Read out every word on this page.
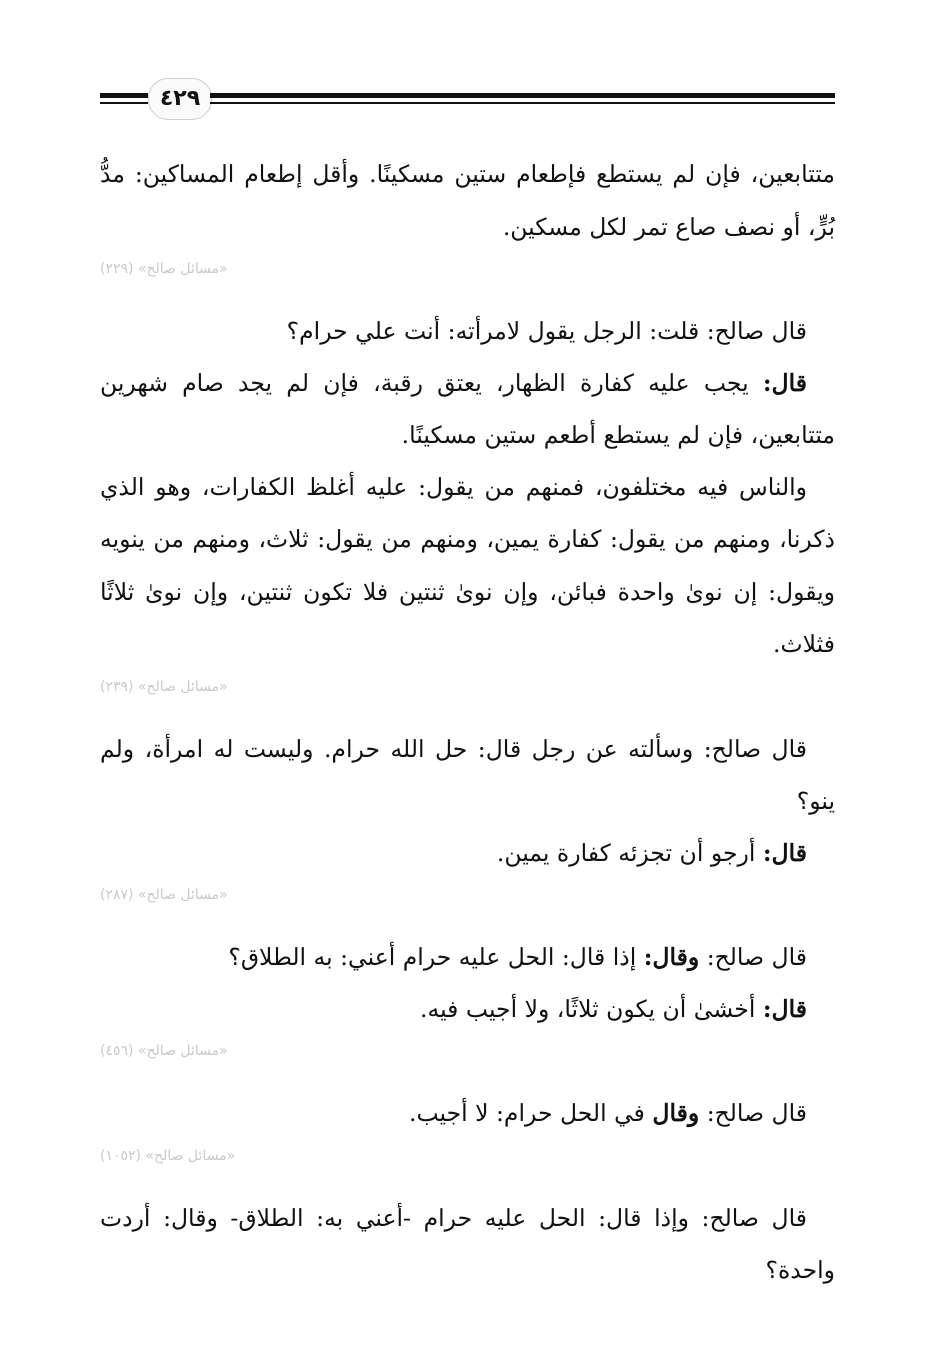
٤٢٩

متتابعين، فإن لم يستطع فإطعام ستين مسكينًا. وأقل إطعام المساكين: مدُّ بُرٍّ، أو نصف صاع تمر لكل مسكين.

«مسائل صالح» (٢٢٩)

قال صالح: قلت: الرجل يقول لامرأته: أنت علي حرام؟

قال: يجب عليه كفارة الظهار، يعتق رقبة، فإن لم يجد صام شهرين متتابعين، فإن لم يستطع أطعم ستين مسكينًا.

والناس فيه مختلفون، فمنهم من يقول: عليه أغلظ الكفارات، وهو الذي ذكرنا، ومنهم من يقول: كفارة يمين، ومنهم من يقول: ثلاث، ومنهم من ينويه ويقول: إن نوىٰ واحدة فبائن، وإن نوىٰ ثنتين فلا تكون ثنتين، وإن نوىٰ ثلاثًا فثلاث.

«مسائل صالح» (٢٣٩)

قال صالح: وسألته عن رجل قال: حل الله حرام. وليست له امرأة، ولم ينو؟

قال: أرجو أن تجزئه كفارة يمين.

«مسائل صالح» (٢٨٧)

قال صالح: وقال: إذا قال: الحل عليه حرام أعني: به الطلاق؟

قال: أخشىٰ أن يكون ثلاثًا، ولا أجيب فيه.

«مسائل صالح» (٤٥٦)

قال صالح: وقال في الحل حرام: لا أجيب.

«مسائل صالح» (١٠٥٢)

قال صالح: وإذا قال: الحل عليه حرام -أعني به: الطلاق- وقال: أردت واحدة؟
